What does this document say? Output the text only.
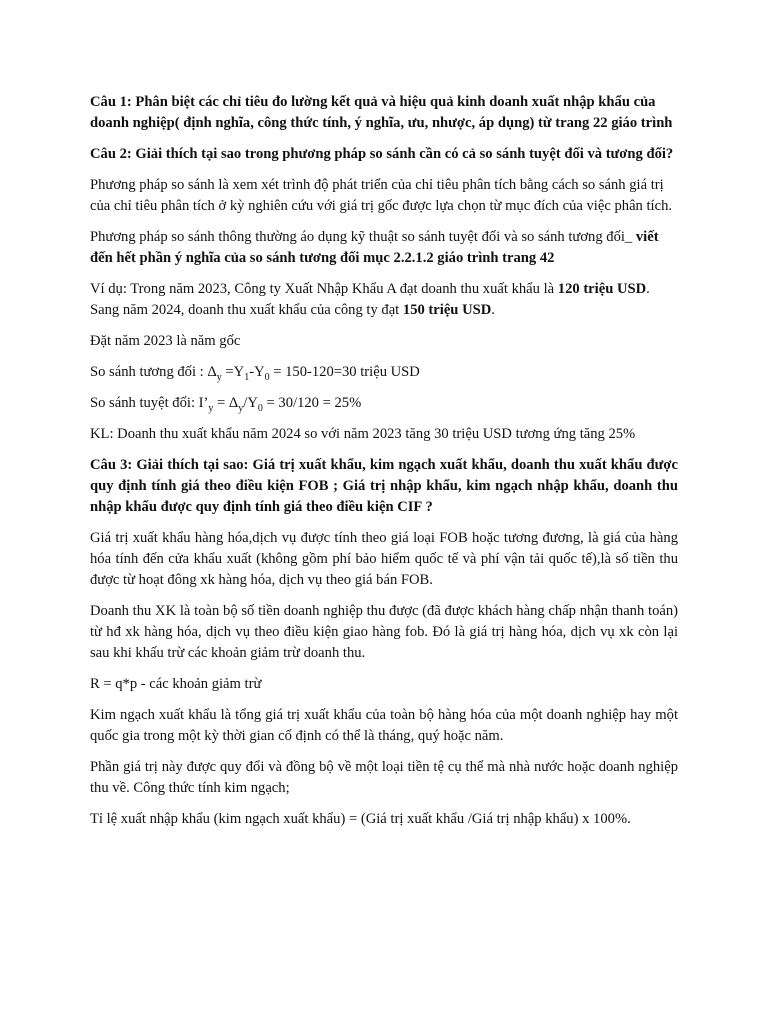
Câu 1: Phân biệt các chỉ tiêu đo lường kết quả và hiệu quả kinh doanh xuất nhập khẩu của doanh nghiệp( định nghĩa, công thức tính, ý nghĩa, ưu, nhược, áp dụng) từ trang 22 giáo trình

Câu 2: Giải thích tại sao trong phương pháp so sánh cần có cả so sánh tuyệt đối và tương đối?

Phương pháp so sánh là xem xét trình độ phát triển của chỉ tiêu phân tích bằng cách so sánh giá trị của chỉ tiêu phân tích ở kỳ nghiên cứu với giá trị gốc được lựa chọn từ mục đích của việc phân tích.

Phương pháp so sánh thông thường áo dụng kỹ thuật so sánh tuyệt đối và so sánh tương đối_ viết đến hết phần ý nghĩa của so sánh tương đối mục 2.2.1.2 giáo trình trang 42

Ví dụ: Trong năm 2023, Công ty Xuất Nhập Khẩu A đạt doanh thu xuất khẩu là 120 triệu USD. Sang năm 2024, doanh thu xuất khẩu của công ty đạt 150 triệu USD.

Đặt năm 2023 là năm gốc

So sánh tương đối : $\Delta_y =Y_1-Y_0 = 150-120=30$ triệu USD

So sánh tuyệt đối: $I’_y = \Delta_y/Y_0 = 30/120 = 25\%$

KL: Doanh thu xuất khẩu năm 2024 so với năm 2023 tăng 30 triệu USD tương ứng tăng 25%

Câu 3: Giải thích tại sao: Giá trị xuất khẩu, kim ngạch xuất khẩu, doanh thu xuất khẩu được quy định tính giá theo điều kiện FOB ; Giá trị nhập khẩu, kim ngạch nhập khẩu, doanh thu nhập khẩu được quy định tính giá theo điều kiện CIF ?

Giá trị xuất khẩu hàng hóa,dịch vụ được tính theo giá loại FOB hoặc tương đương, là giá của hàng hóa tính đến cửa khẩu xuất (không gồm phí bảo hiểm quốc tế và phí vận tải quốc tế),là số tiền thu được từ hoạt đông xk hàng hóa, dịch vụ theo giá bán FOB.

Doanh thu XK là toàn bộ số tiền doanh nghiệp thu được (đã được khách hàng chấp nhận thanh toán) từ hđ xk hàng hóa, dịch vụ theo điều kiện giao hàng fob. Đó là giá trị hàng hóa, dịch vụ xk còn lại sau khi khấu trừ các khoản giảm trừ doanh thu.

R = q*p - các khoản giảm trừ

Kim ngạch xuất khẩu là tổng giá trị xuất khẩu của toàn bộ hàng hóa của một doanh nghiệp hay một quốc gia trong một kỳ thời gian cố định có thể là tháng, quý hoặc năm.

Phần giá trị này được quy đổi và đồng bộ về một loại tiền tệ cụ thể mà nhà nước hoặc doanh nghiệp thu về. Công thức tính kim ngạch;

Tỉ lệ xuất nhập khẩu (kim ngạch xuất khẩu) = (Giá trị xuất khẩu /Giá trị nhập khẩu) x 100%.
